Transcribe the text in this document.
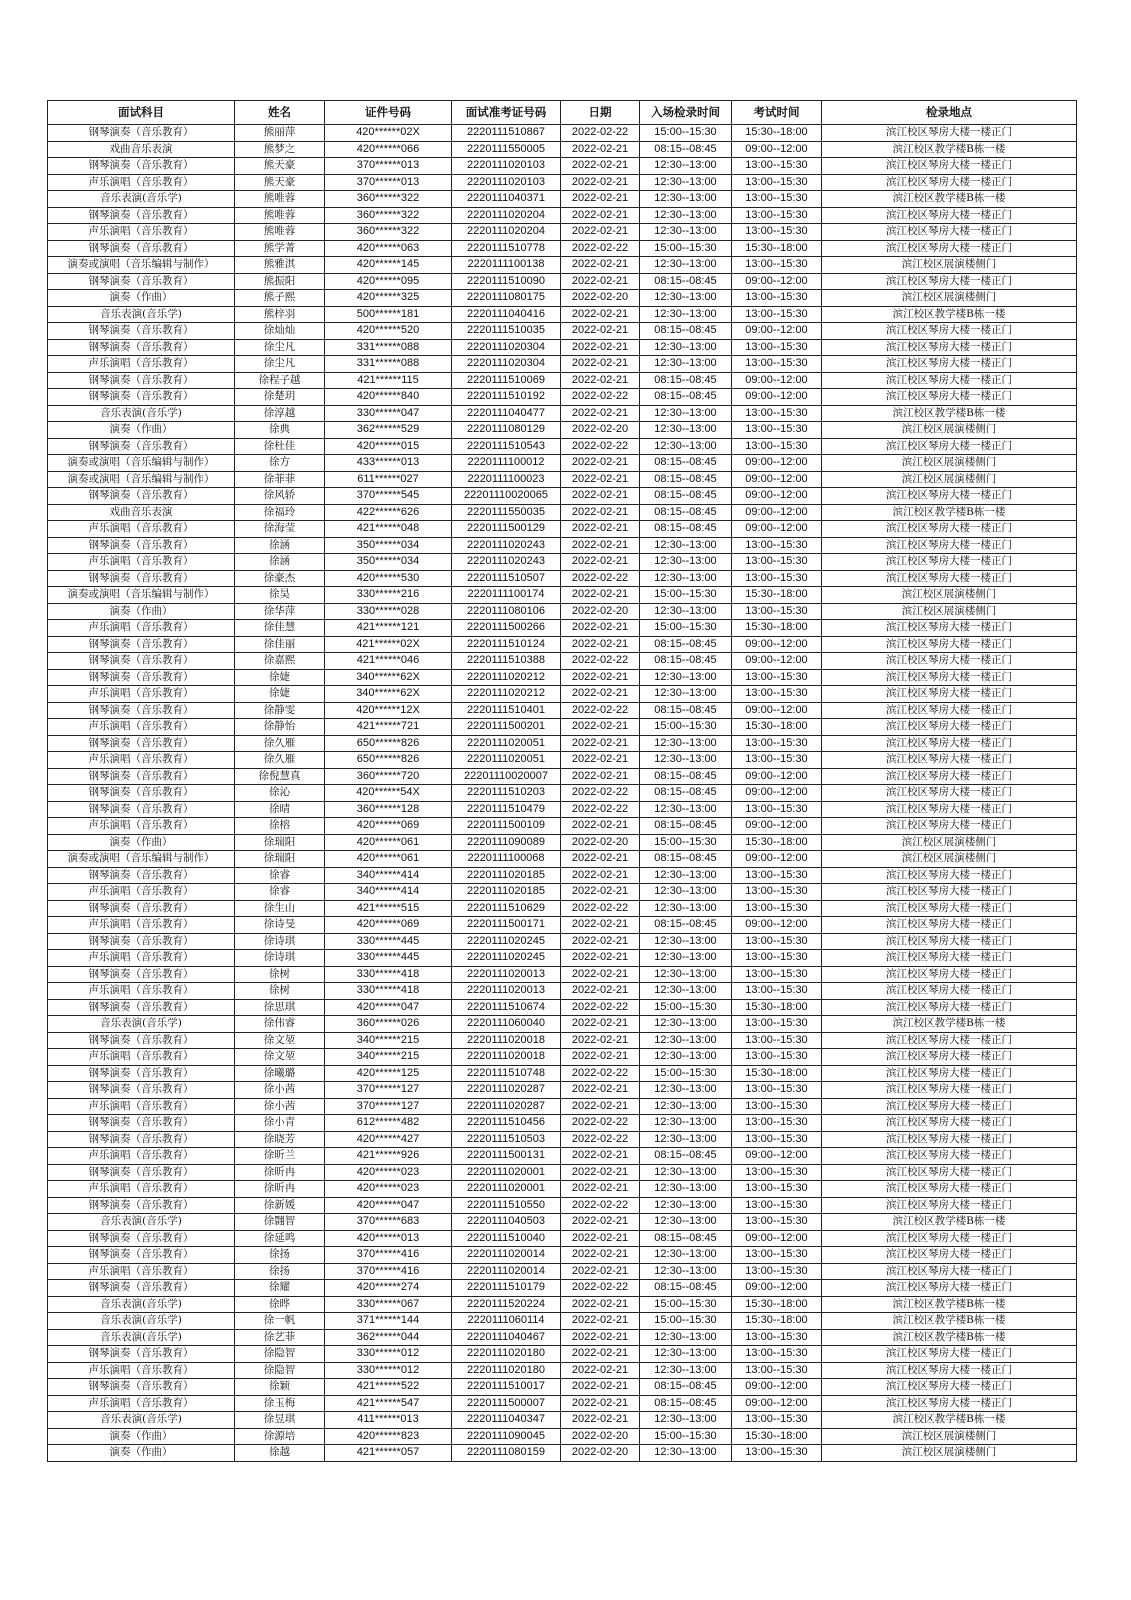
面试科目	姓名	证件号码	面试准考证号码	日期	入场检录时间	考试时间	检录地点
钢琴演奏（音乐教育）	熊丽萍	420******02X	2220111510867	2022-02-22	15:00--15:30	15:30--18:00	滨江校区琴房大楼一楼正门
戏曲音乐表演	熊梦之	420******066	2220111550005	2022-02-21	08:15--08:45	09:00--12:00	滨江校区教学楼B栋一楼
钢琴演奏（音乐教育）	熊天豪	370******013	2220111020103	2022-02-21	12:30--13:00	13:00--15:30	滨江校区琴房大楼一楼正门
声乐演唱（音乐教育）	熊天豪	370******013	2220111020103	2022-02-21	12:30--13:00	13:00--15:30	滨江校区琴房大楼一楼正门
音乐表演(音乐学)	熊唯蓉	360******322	2220111040371	2022-02-21	12:30--13:00	13:00--15:30	滨江校区教学楼B栋一楼
钢琴演奏（音乐教育）	熊唯蓉	360******322	2220111020204	2022-02-21	12:30--13:00	13:00--15:30	滨江校区琴房大楼一楼正门
声乐演唱（音乐教育）	熊唯蓉	360******322	2220111020204	2022-02-21	12:30--13:00	13:00--15:30	滨江校区琴房大楼一楼正门
钢琴演奏（音乐教育）	熊学菁	420******063	2220111510778	2022-02-22	15:00--15:30	15:30--18:00	滨江校区琴房大楼一楼正门
演奏或演唱（音乐编辑与制作）	熊雅淇	420******145	2220111100138	2022-02-21	12:30--13:00	13:00--15:30	滨江校区展演楼侧门
钢琴演奏（音乐教育）	熊振阳	420******095	2220111510090	2022-02-21	08:15--08:45	09:00--12:00	滨江校区琴房大楼一楼正门
演奏（作曲）	熊子熙	420******325	2220111080175	2022-02-20	12:30--13:00	13:00--15:30	滨江校区展演楼侧门
音乐表演(音乐学)	熊梓羽	500******181	2220111040416	2022-02-21	12:30--13:00	13:00--15:30	滨江校区教学楼B栋一楼
钢琴演奏（音乐教育）	徐灿灿	420******520	2220111510035	2022-02-21	08:15--08:45	09:00--12:00	滨江校区琴房大楼一楼正门
钢琴演奏（音乐教育）	徐尘凡	331******088	2220111020304	2022-02-21	12:30--13:00	13:00--15:30	滨江校区琴房大楼一楼正门
声乐演唱（音乐教育）	徐尘凡	331******088	2220111020304	2022-02-21	12:30--13:00	13:00--15:30	滨江校区琴房大楼一楼正门
钢琴演奏（音乐教育）	徐程子越	421******115	2220111510069	2022-02-21	08:15--08:45	09:00--12:00	滨江校区琴房大楼一楼正门
钢琴演奏（音乐教育）	徐楚玥	420******840	2220111510192	2022-02-22	08:15--08:45	09:00--12:00	滨江校区琴房大楼一楼正门
音乐表演(音乐学)	徐淳越	330******047	2220111040477	2022-02-21	12:30--13:00	13:00--15:30	滨江校区教学楼B栋一楼
演奏（作曲）	徐典	362******529	2220111080129	2022-02-20	12:30--13:00	13:00--15:30	滨江校区展演楼侧门
钢琴演奏（音乐教育）	徐杜佳	420******015	2220111510543	2022-02-22	12:30--13:00	13:00--15:30	滨江校区琴房大楼一楼正门
演奏或演唱（音乐编辑与制作）	徐方	433******013	2220111100012	2022-02-21	08:15--08:45	09:00--12:00	滨江校区展演楼侧门
演奏或演唱（音乐编辑与制作）	徐菲菲	611******027	2220111100023	2022-02-21	08:15--08:45	09:00--12:00	滨江校区展演楼侧门
钢琴演奏（音乐教育）	徐风轿	370******545	22201110020065	2022-02-21	08:15--08:45	09:00--12:00	滨江校区琴房大楼一楼正门
戏曲音乐表演	徐福玲	422******626	2220111550035	2022-02-21	08:15--08:45	09:00--12:00	滨江校区教学楼B栋一楼
声乐演唱（音乐教育）	徐海莹	421******048	2220111500129	2022-02-21	08:15--08:45	09:00--12:00	滨江校区琴房大楼一楼正门
钢琴演奏（音乐教育）	徐涵	350******034	2220111020243	2022-02-21	12:30--13:00	13:00--15:30	滨江校区琴房大楼一楼正门
声乐演唱（音乐教育）	徐涵	350******034	2220111020243	2022-02-21	12:30--13:00	13:00--15:30	滨江校区琴房大楼一楼正门
钢琴演奏（音乐教育）	徐豪杰	420******530	2220111510507	2022-02-22	12:30--13:00	13:00--15:30	滨江校区琴房大楼一楼正门
演奏或演唱（音乐编辑与制作）	徐昊	330******216	2220111100174	2022-02-21	15:00--15:30	15:30--18:00	滨江校区展演楼侧门
演奏（作曲）	徐华萍	330******028	2220111080106	2022-02-20	12:30--13:00	13:00--15:30	滨江校区展演楼侧门
声乐演唱（音乐教育）	徐佳慧	421******121	2220111500266	2022-02-21	15:00--15:30	15:30--18:00	滨江校区琴房大楼一楼正门
钢琴演奏（音乐教育）	徐佳丽	421******02X	2220111510124	2022-02-21	08:15--08:45	09:00--12:00	滨江校区琴房大楼一楼正门
钢琴演奏（音乐教育）	徐嘉熙	421******046	2220111510388	2022-02-22	08:15--08:45	09:00--12:00	滨江校区琴房大楼一楼正门
钢琴演奏（音乐教育）	徐婕	340******62X	2220111020212	2022-02-21	12:30--13:00	13:00--15:30	滨江校区琴房大楼一楼正门
声乐演唱（音乐教育）	徐婕	340******62X	2220111020212	2022-02-21	12:30--13:00	13:00--15:30	滨江校区琴房大楼一楼正门
钢琴演奏（音乐教育）	徐静雯	420******12X	2220111510401	2022-02-22	08:15--08:45	09:00--12:00	滨江校区琴房大楼一楼正门
声乐演唱（音乐教育）	徐静怡	421******721	2220111500201	2022-02-21	15:00--15:30	15:30--18:00	滨江校区琴房大楼一楼正门
钢琴演奏（音乐教育）	徐久雁	650******826	2220111020051	2022-02-21	12:30--13:00	13:00--15:30	滨江校区琴房大楼一楼正门
声乐演唱（音乐教育）	徐久雁	650******826	2220111020051	2022-02-21	12:30--13:00	13:00--15:30	滨江校区琴房大楼一楼正门
钢琴演奏（音乐教育）	徐倪慧真	360******720	22201110020007	2022-02-21	08:15--08:45	09:00--12:00	滨江校区琴房大楼一楼正门
钢琴演奏（音乐教育）	徐沁	420******54X	2220111510203	2022-02-22	08:15--08:45	09:00--12:00	滨江校区琴房大楼一楼正门
钢琴演奏（音乐教育）	徐晴	360******128	2220111510479	2022-02-22	12:30--13:00	13:00--15:30	滨江校区琴房大楼一楼正门
声乐演唱（音乐教育）	徐榕	420******069	2220111500109	2022-02-21	08:15--08:45	09:00--12:00	滨江校区琴房大楼一楼正门
演奏（作曲）	徐瑞阳	420******061	2220111090089	2022-02-20	15:00--15:30	15:30--18:00	滨江校区展演楼侧门
演奏或演唱（音乐编辑与制作）	徐瑞阳	420******061	2220111100068	2022-02-21	08:15--08:45	09:00--12:00	滨江校区展演楼侧门
钢琴演奏（音乐教育）	徐睿	340******414	2220111020185	2022-02-21	12:30--13:00	13:00--15:30	滨江校区琴房大楼一楼正门
声乐演唱（音乐教育）	徐睿	340******414	2220111020185	2022-02-21	12:30--13:00	13:00--15:30	滨江校区琴房大楼一楼正门
钢琴演奏（音乐教育）	徐生山	421******515	2220111510629	2022-02-22	12:30--13:00	13:00--15:30	滨江校区琴房大楼一楼正门
声乐演唱（音乐教育）	徐诗旻	420******069	2220111500171	2022-02-21	08:15--08:45	09:00--12:00	滨江校区琴房大楼一楼正门
钢琴演奏（音乐教育）	徐诗琪	330******445	2220111020245	2022-02-21	12:30--13:00	13:00--15:30	滨江校区琴房大楼一楼正门
声乐演唱（音乐教育）	徐诗琪	330******445	2220111020245	2022-02-21	12:30--13:00	13:00--15:30	滨江校区琴房大楼一楼正门
钢琴演奏（音乐教育）	徐树	330******418	2220111020013	2022-02-21	12:30--13:00	13:00--15:30	滨江校区琴房大楼一楼正门
声乐演唱（音乐教育）	徐树	330******418	2220111020013	2022-02-21	12:30--13:00	13:00--15:30	滨江校区琴房大楼一楼正门
钢琴演奏（音乐教育）	徐思琪	420******047	2220111510674	2022-02-22	15:00--15:30	15:30--18:00	滨江校区琴房大楼一楼正门
音乐表演(音乐学)	徐伟睿	360******026	2220111060040	2022-02-21	12:30--13:00	13:00--15:30	滨江校区教学楼B栋一楼
钢琴演奏（音乐教育）	徐文堃	340******215	2220111020018	2022-02-21	12:30--13:00	13:00--15:30	滨江校区琴房大楼一楼正门
声乐演唱（音乐教育）	徐文堃	340******215	2220111020018	2022-02-21	12:30--13:00	13:00--15:30	滨江校区琴房大楼一楼正门
钢琴演奏（音乐教育）	徐曦璐	420******125	2220111510748	2022-02-22	15:00--15:30	15:30--18:00	滨江校区琴房大楼一楼正门
钢琴演奏（音乐教育）	徐小茜	370******127	2220111020287	2022-02-21	12:30--13:00	13:00--15:30	滨江校区琴房大楼一楼正门
声乐演唱（音乐教育）	徐小茜	370******127	2220111020287	2022-02-21	12:30--13:00	13:00--15:30	滨江校区琴房大楼一楼正门
钢琴演奏（音乐教育）	徐小青	612******482	2220111510456	2022-02-22	12:30--13:00	13:00--15:30	滨江校区琴房大楼一楼正门
钢琴演奏（音乐教育）	徐晓芳	420******427	2220111510503	2022-02-22	12:30--13:00	13:00--15:30	滨江校区琴房大楼一楼正门
声乐演唱（音乐教育）	徐昕兰	421******926	2220111500131	2022-02-21	08:15--08:45	09:00--12:00	滨江校区琴房大楼一楼正门
钢琴演奏（音乐教育）	徐昕冉	420******023	2220111020001	2022-02-21	12:30--13:00	13:00--15:30	滨江校区琴房大楼一楼正门
声乐演唱（音乐教育）	徐昕冉	420******023	2220111020001	2022-02-21	12:30--13:00	13:00--15:30	滨江校区琴房大楼一楼正门
钢琴演奏（音乐教育）	徐新媛	420******047	2220111510550	2022-02-22	12:30--13:00	13:00--15:30	滨江校区琴房大楼一楼正门
音乐表演(音乐学)	徐翾智	370******683	2220111040503	2022-02-21	12:30--13:00	13:00--15:30	滨江校区教学楼B栋一楼
钢琴演奏（音乐教育）	徐延鸣	420******013	2220111510040	2022-02-21	08:15--08:45	09:00--12:00	滨江校区琴房大楼一楼正门
钢琴演奏（音乐教育）	徐扬	370******416	2220111020014	2022-02-21	12:30--13:00	13:00--15:30	滨江校区琴房大楼一楼正门
声乐演唱（音乐教育）	徐扬	370******416	2220111020014	2022-02-21	12:30--13:00	13:00--15:30	滨江校区琴房大楼一楼正门
钢琴演奏（音乐教育）	徐耀	420******274	2220111510179	2022-02-22	08:15--08:45	09:00--12:00	滨江校区琴房大楼一楼正门
音乐表演(音乐学)	徐晔	330******067	2220111520224	2022-02-21	15:00--15:30	15:30--18:00	滨江校区教学楼B栋一楼
音乐表演(音乐学)	徐一帆	371******144	2220111060114	2022-02-21	15:00--15:30	15:30--18:00	滨江校区教学楼B栋一楼
音乐表演(音乐学)	徐艺菲	362******044	2220111040467	2022-02-21	12:30--13:00	13:00--15:30	滨江校区教学楼B栋一楼
钢琴演奏（音乐教育）	徐隐智	330******012	2220111020180	2022-02-21	12:30--13:00	13:00--15:30	滨江校区琴房大楼一楼正门
声乐演唱（音乐教育）	徐隐智	330******012	2220111020180	2022-02-21	12:30--13:00	13:00--15:30	滨江校区琴房大楼一楼正门
钢琴演奏（音乐教育）	徐颖	421******522	2220111510017	2022-02-21	08:15--08:45	09:00--12:00	滨江校区琴房大楼一楼正门
声乐演唱（音乐教育）	徐玉梅	421******547	2220111500007	2022-02-21	08:15--08:45	09:00--12:00	滨江校区琴房大楼一楼正门
音乐表演(音乐学)	徐昱琪	411******013	2220111040347	2022-02-21	12:30--13:00	13:00--15:30	滨江校区教学楼B栋一楼
演奏（作曲）	徐源培	420******823	2220111090045	2022-02-20	15:00--15:30	15:30--18:00	滨江校区展演楼侧门
演奏（作曲）	徐越	421******057	2220111080159	2022-02-20	12:30--13:00	13:00--15:30	滨江校区展演楼侧门
